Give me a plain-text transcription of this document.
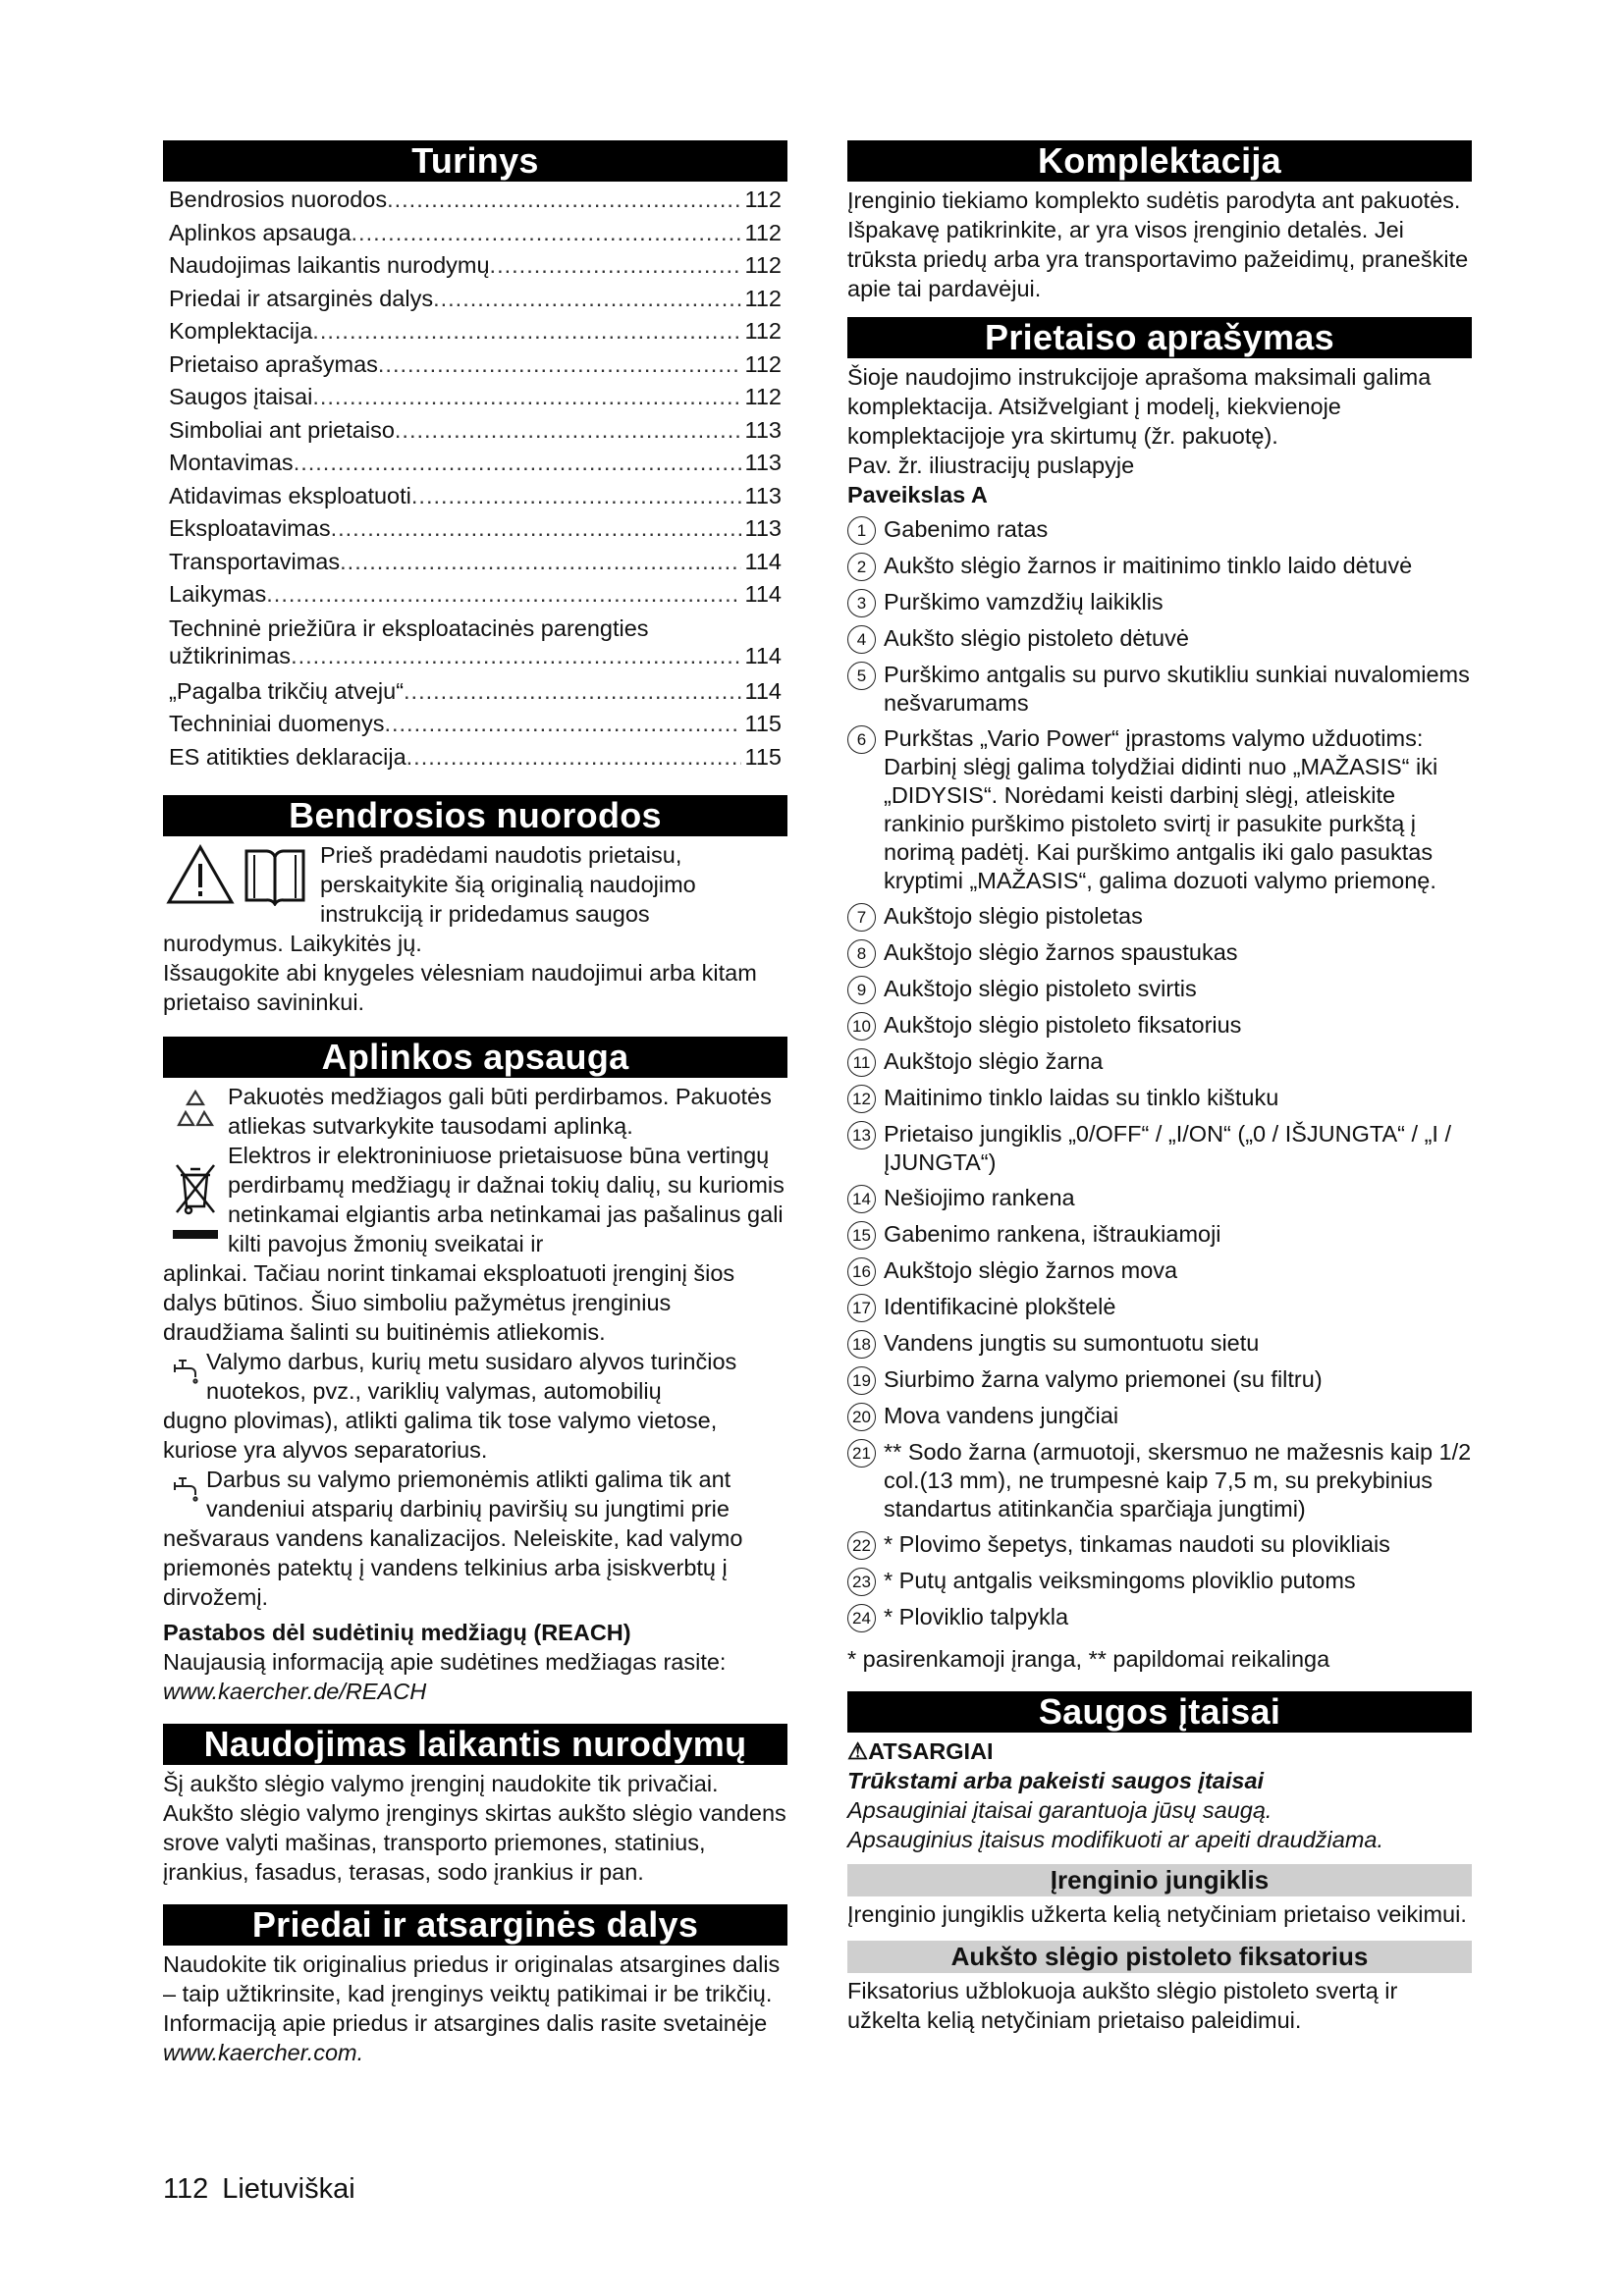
Turinys
Bendrosios nuorodos .....	112
Aplinkos apsauga .....	112
Naudojimas laikantis nurodymų .....	112
Priedai ir atsarginės dalys .....	112
Komplektacija .....	112
Prietaiso aprašymas .....	112
Saugos įtaisai .....	112
Simboliai ant prietaiso .....	113
Montavimas .....	113
Atidavimas eksploatuoti .....	113
Eksploatavimas .....	113
Transportavimas .....	114
Laikymas .....	114
Techninė priežiūra ir eksploatacinės parengties
užtikrinimas .....	114
„Pagalba trikčių atveju“ .....	114
Techniniai duomenys .....	115
ES atitikties deklaracija .....	115
Bendrosios nuorodos

Prieš pradėdami naudotis prietaisu, perskaitykite šią originalią naudojimo instrukciją ir pridedamus saugos

nurodymus. Laikykitės jų.

Išsaugokite abi knygeles vėlesniam naudojimui arba kitam prietaiso savininkui.

Aplinkos apsauga

Pakuotės medžiagos gali būti perdirbamos. Pakuotės atliekas sutvarkykite tausodami aplinką.

Elektros ir elektroniniuose prietaisuose būna vertingų perdirbamų medžiagų ir dažnai tokių dalių, su kuriomis netinkamai elgiantis arba netinkamai jas pašalinus gali kilti pavojus žmonių sveikatai ir

aplinkai. Tačiau norint tinkamai eksploatuoti įrenginį šios dalys būtinos. Šiuo simboliu pažymėtus įrenginius draudžiama šalinti su buitinėmis atliekomis.

Valymo darbus, kurių metu susidaro alyvos turinčios nuotekos, pvz., variklių valymas, automobilių

dugno plovimas), atlikti galima tik tose valymo vietose, kuriose yra alyvos separatorius.

Darbus su valymo priemonėmis atlikti galima tik ant vandeniui atsparių darbinių paviršių su jungtimi prie

nešvaraus vandens kanalizacijos. Neleiskite, kad valymo priemonės patektų į vandens telkinius arba įsiskverbtų į dirvožemį.

Pastabos dėl sudėtinių medžiagų (REACH)

Naujausią informaciją apie sudėtines medžiagas rasite:

www.kaercher.de/REACH

Naudojimas laikantis nurodymų

Šį aukšto slėgio valymo įrenginį naudokite tik privačiai.

Aukšto slėgio valymo įrenginys skirtas aukšto slėgio vandens srove valyti mašinas, transporto priemones, statinius, įrankius, fasadus, terasas, sodo įrankius ir pan.

Priedai ir atsarginės dalys

Naudokite tik originalius priedus ir originalas atsargines dalis – taip užtikrinsite, kad įrenginys veiktų patikimai ir be trikčių.

Informaciją apie priedus ir atsargines dalis rasite svetainėje www.kaercher.com.

Komplektacija

Įrenginio tiekiamo komplekto sudėtis parodyta ant pakuotės. Išpakavę patikrinkite, ar yra visos įrenginio detalės. Jei trūksta priedų arba yra transportavimo pažeidimų, praneškite apie tai pardavėjui.

Prietaiso aprašymas

Šioje naudojimo instrukcijoje aprašoma maksimali galima komplektacija. Atsižvelgiant į modelį, kiekvienoje komplektacijoje yra skirtumų (žr. pakuotę).

Pav. žr. iliustracijų puslapyje

Paveikslas A

1 Gabenimo ratas
2 Aukšto slėgio žarnos ir maitinimo tinklo laido dėtuvė
3 Purškimo vamzdžių laikiklis
4 Aukšto slėgio pistoleto dėtuvė
5 Purškimo antgalis su purvo skutikliu sunkiai nuvalomiems nešvarumams
6 Purkštas „Vario Power“ įprastoms valymo užduotims: Darbinį slėgį galima tolydžiai didinti nuo „MAŽASIS“ iki „DIDYSIS“. Norėdami keisti darbinį slėgį, atleiskite rankinio purškimo pistoleto svirtį ir pasukite purkštą į norimą padėtį. Kai purškimo antgalis iki galo pasuktas kryptimi „MAŽASIS“, galima dozuoti valymo priemonę.
7 Aukštojo slėgio pistoletas
8 Aukštojo slėgio žarnos spaustukas
9 Aukštojo slėgio pistoleto svirtis
10 Aukštojo slėgio pistoleto fiksatorius
11 Aukštojo slėgio žarna
12 Maitinimo tinklo laidas su tinklo kištuku
13 Prietaiso jungiklis „0/OFF“ / „I/ON“ („0 / IŠJUNGTA“ / „I / ĮJUNGTA“)
14 Nešiojimo rankena
15 Gabenimo rankena, ištraukiamoji
16 Aukštojo slėgio žarnos mova
17 Identifikacinė plokštelė
18 Vandens jungtis su sumontuotu sietu
19 Siurbimo žarna valymo priemonei (su filtru)
20 Mova vandens jungčiai
21 ** Sodo žarna (armuotoji, skersmuo ne mažesnis kaip 1/2 col.(13 mm), ne trumpesnė kaip 7,5 m, su prekybinius standartus atitinkančia sparčiąja jungtimi)
22 * Plovimo šepetys, tinkamas naudoti su plovikliais
23 * Putų antgalis veiksmingoms ploviklio putoms
24 * Ploviklio talpykla

* pasirenkamoji įranga, ** papildomai reikalinga

Saugos įtaisai

⚠ATSARGIAI

Trūkstami arba pakeisti saugos įtaisai

Apsauginiai įtaisai garantuoja jūsų saugą.

Apsauginius įtaisus modifikuoti ar apeiti draudžiama.

Įrenginio jungiklis

Įrenginio jungiklis užkerta kelią netyčiniam prietaiso veikimui.

Aukšto slėgio pistoleto fiksatorius

Fiksatorius užblokuoja aukšto slėgio pistoleto svertą ir užkelta kelią netyčiniam prietaiso paleidimui.

112 Lietuviškai
